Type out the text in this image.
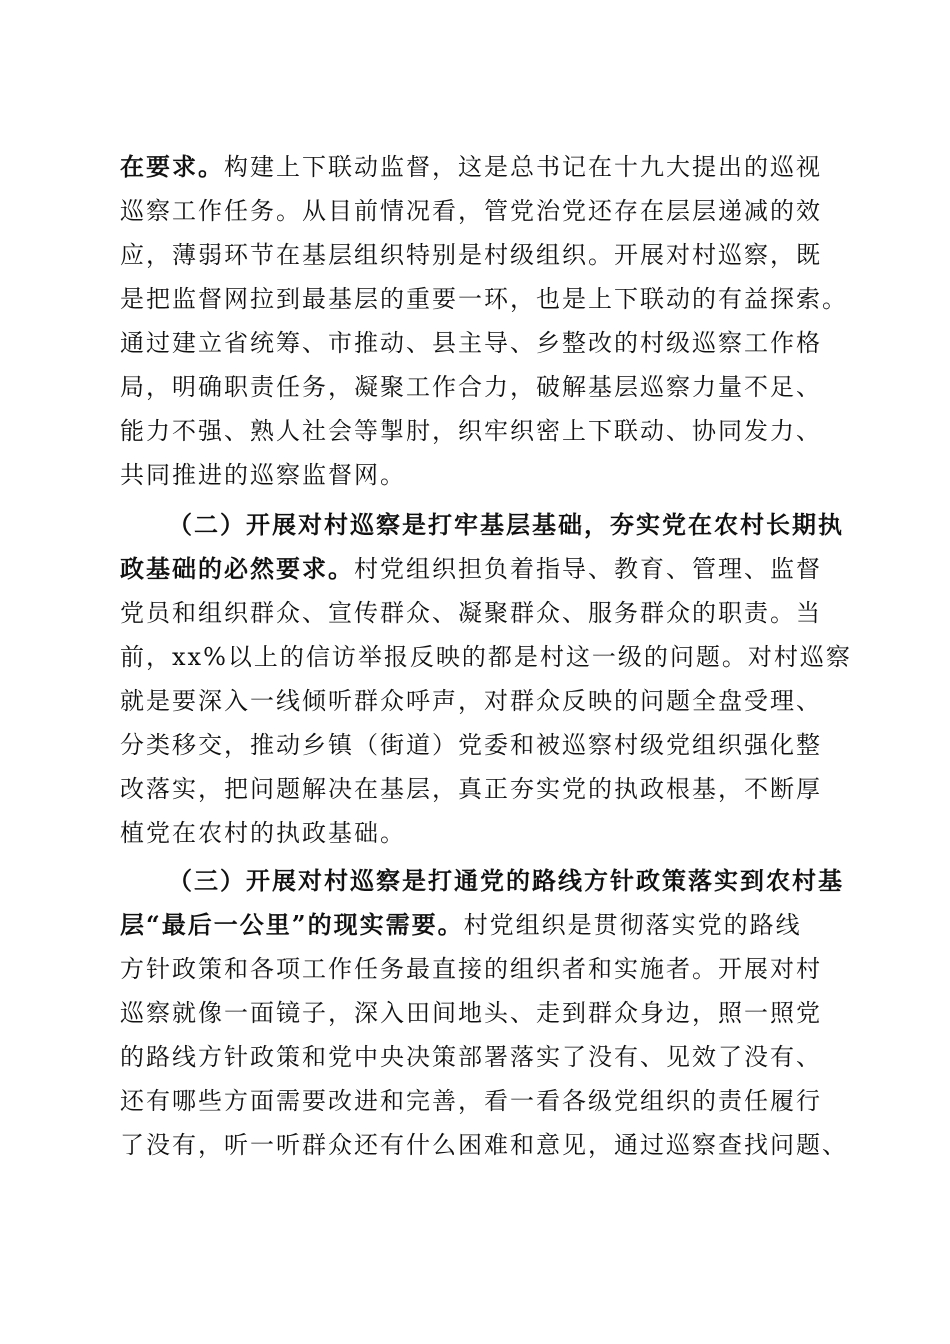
在要求。构建上下联动监督，这是总书记在十九大提出的巡视
巡察工作任务。从目前情况看，管党治党还存在层层递减的效
应，薄弱环节在基层组织特别是村级组织。开展对村巡察，既
是把监督网拉到最基层的重要一环，也是上下联动的有益探索。
通过建立省统筹、市推动、县主导、乡整改的村级巡察工作格
局，明确职责任务，凝聚工作合力，破解基层巡察力量不足、
能力不强、熟人社会等掣肘，织牢织密上下联动、协同发力、
共同推进的巡察监督网。
（二）开展对村巡察是打牢基层基础，夯实党在农村长期执
政基础的必然要求。村党组织担负着指导、教育、管理、监督
党员和组织群众、宣传群众、凝聚群众、服务群众的职责。当
前，xx%以上的信访举报反映的都是村这一级的问题。对村巡察
就是要深入一线倾听群众呼声，对群众反映的问题全盘受理、
分类移交，推动乡镇（街道）党委和被巡察村级党组织强化整
改落实，把问题解决在基层，真正夯实党的执政根基，不断厚
植党在农村的执政基础。
（三）开展对村巡察是打通党的路线方针政策落实到农村基
层“最后一公里”的现实需要。村党组织是贯彻落实党的路线
方针政策和各项工作任务最直接的组织者和实施者。开展对村
巡察就像一面镜子，深入田间地头、走到群众身边，照一照党
的路线方针政策和党中央决策部署落实了没有、见效了没有、
还有哪些方面需要改进和完善，看一看各级党组织的责任履行
了没有，听一听群众还有什么困难和意见，通过巡察查找问题、
